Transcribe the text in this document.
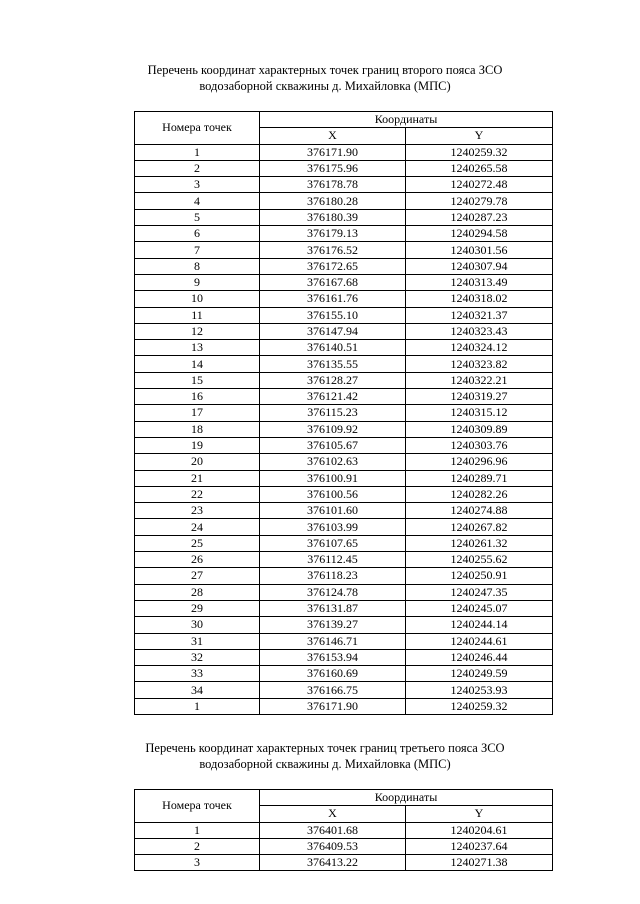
Перечень координат характерных точек границ второго пояса ЗСО
водозаборной скважины д. Михайловка (МПС)
Номера точек	Координаты	
	X	Y
1	376171.90	1240259.32
2	376175.96	1240265.58
3	376178.78	1240272.48
4	376180.28	1240279.78
5	376180.39	1240287.23
6	376179.13	1240294.58
7	376176.52	1240301.56
8	376172.65	1240307.94
9	376167.68	1240313.49
10	376161.76	1240318.02
11	376155.10	1240321.37
12	376147.94	1240323.43
13	376140.51	1240324.12
14	376135.55	1240323.82
15	376128.27	1240322.21
16	376121.42	1240319.27
17	376115.23	1240315.12
18	376109.92	1240309.89
19	376105.67	1240303.76
20	376102.63	1240296.96
21	376100.91	1240289.71
22	376100.56	1240282.26
23	376101.60	1240274.88
24	376103.99	1240267.82
25	376107.65	1240261.32
26	376112.45	1240255.62
27	376118.23	1240250.91
28	376124.78	1240247.35
29	376131.87	1240245.07
30	376139.27	1240244.14
31	376146.71	1240244.61
32	376153.94	1240246.44
33	376160.69	1240249.59
34	376166.75	1240253.93
1	376171.90	1240259.32
Перечень координат характерных точек границ третьего пояса ЗСО
водозаборной скважины д. Михайловка (МПС)
Номера точек	Координаты	
	X	Y
1	376401.68	1240204.61
2	376409.53	1240237.64
3	376413.22	1240271.38
